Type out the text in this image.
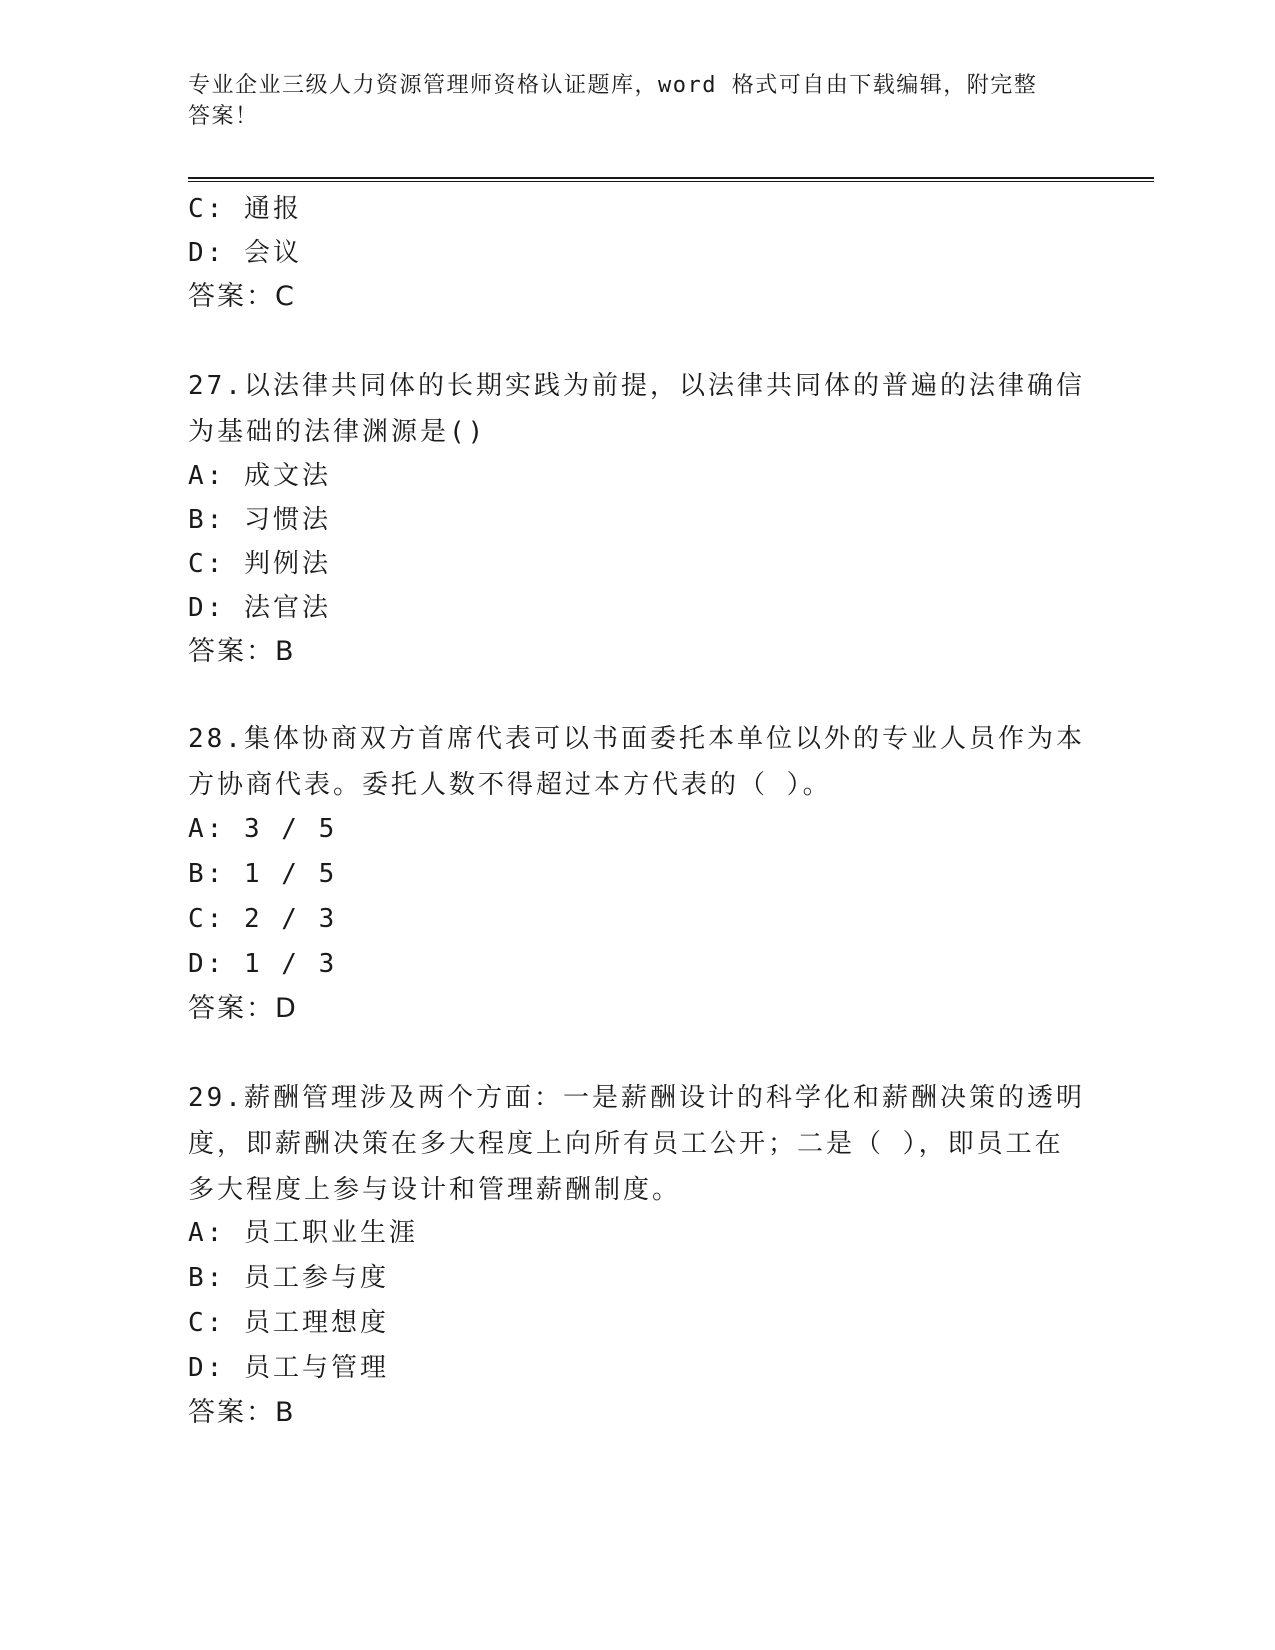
专业企业三级人力资源管理师资格认证题库，word 格式可自由下载编辑，附完整
答案！
C: 通报
D: 会议
答案：C
27.以法律共同体的长期实践为前提，以法律共同体的普遍的法律确信
为基础的法律渊源是()
A: 成文法
B: 习惯法
C: 判例法
D: 法官法
答案：B
28.集体协商双方首席代表可以书面委托本单位以外的专业人员作为本
方协商代表。委托人数不得超过本方代表的（ ）。
A: 3 / 5
B: 1 / 5
C: 2 / 3
D: 1 / 3
答案：D
29.薪酬管理涉及两个方面：一是薪酬设计的科学化和薪酬决策的透明
度，即薪酬决策在多大程度上向所有员工公开；二是（ ），即员工在
多大程度上参与设计和管理薪酬制度。
A: 员工职业生涯
B: 员工参与度
C: 员工理想度
D: 员工与管理
答案：B
